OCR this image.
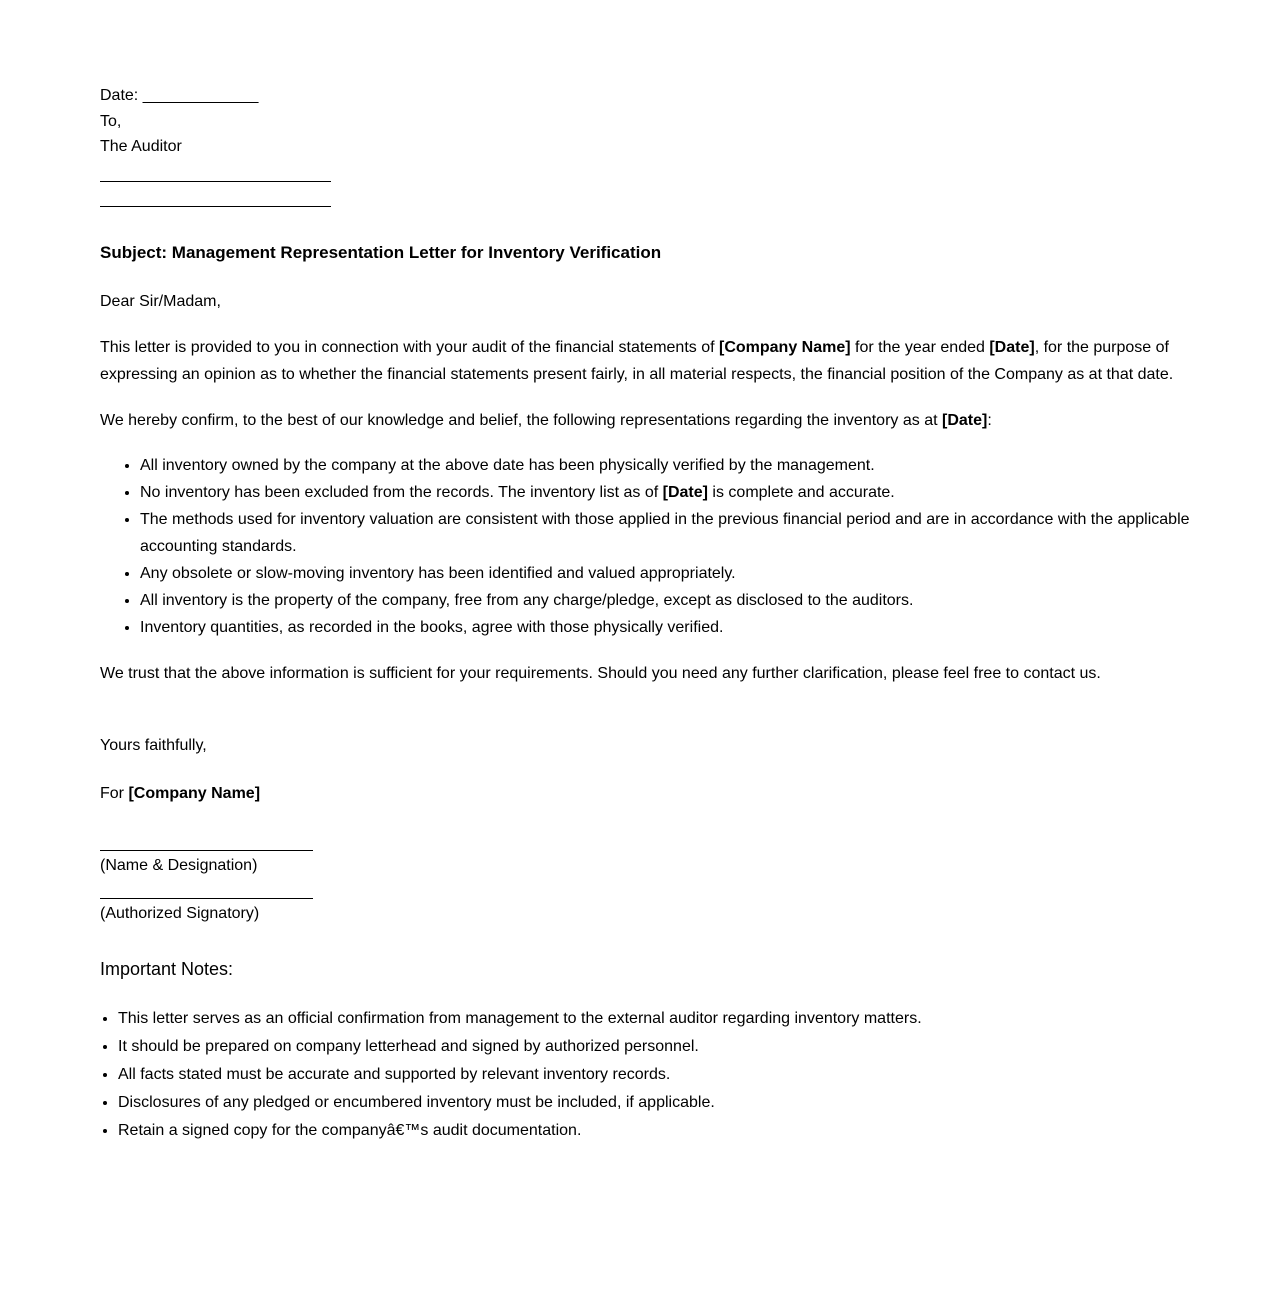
Date: _____________
To,
The Auditor
Subject: Management Representation Letter for Inventory Verification
Dear Sir/Madam,
This letter is provided to you in connection with your audit of the financial statements of [Company Name] for the year ended [Date], for the purpose of expressing an opinion as to whether the financial statements present fairly, in all material respects, the financial position of the Company as at that date.
We hereby confirm, to the best of our knowledge and belief, the following representations regarding the inventory as at [Date]:
• All inventory owned by the company at the above date has been physically verified by the management.
• No inventory has been excluded from the records. The inventory list as of [Date] is complete and accurate.
• The methods used for inventory valuation are consistent with those applied in the previous financial period and are in accordance with the applicable accounting standards.
• Any obsolete or slow-moving inventory has been identified and valued appropriately.
• All inventory is the property of the company, free from any charge/pledge, except as disclosed to the auditors.
• Inventory quantities, as recorded in the books, agree with those physically verified.
We trust that the above information is sufficient for your requirements. Should you need any further clarification, please feel free to contact us.
Yours faithfully,
For [Company Name]
(Name & Designation)
(Authorized Signatory)
Important Notes:
• This letter serves as an official confirmation from management to the external auditor regarding inventory matters.
• It should be prepared on company letterhead and signed by authorized personnel.
• All facts stated must be accurate and supported by relevant inventory records.
• Disclosures of any pledged or encumbered inventory must be included, if applicable.
• Retain a signed copy for the companyâ€™s audit documentation.
